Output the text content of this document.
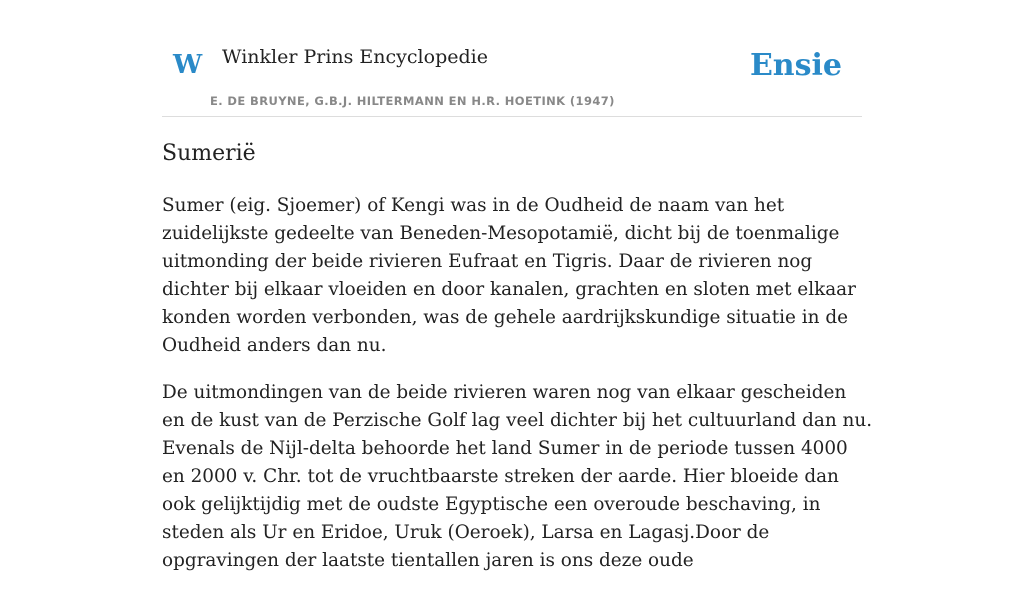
W Winkler Prins Encyclopedie
E. DE BRUYNE, G.B.J. HILTERMANN EN H.R. HOETINK (1947)
Ensie
Sumerië

Sumer (eig. Sjoemer) of Kengi was in de Oudheid de naam van het zuidelijkste gedeelte van Beneden-Mesopotamië, dicht bij de toenmalige uitmonding der beide rivieren Eufraat en Tigris. Daar de rivieren nog dichter bij elkaar vloeiden en door kanalen, grachten en sloten met elkaar konden worden verbonden, was de gehele aardrijkskundige situatie in de Oudheid anders dan nu.

De uitmondingen van de beide rivieren waren nog van elkaar gescheiden en de kust van de Perzische Golf lag veel dichter bij het cultuurland dan nu. Evenals de Nijl-delta behoorde het land Sumer in de periode tussen 4000 en 2000 v. Chr. tot de vruchtbaarste streken der aarde. Hier bloeide dan ook gelijktijdig met de oudste Egyptische een overoude beschaving, in steden als Ur en Eridoe, Uruk (Oeroek), Larsa en Lagasj.Door de opgravingen der laatste tientallen jaren is ons deze oude
